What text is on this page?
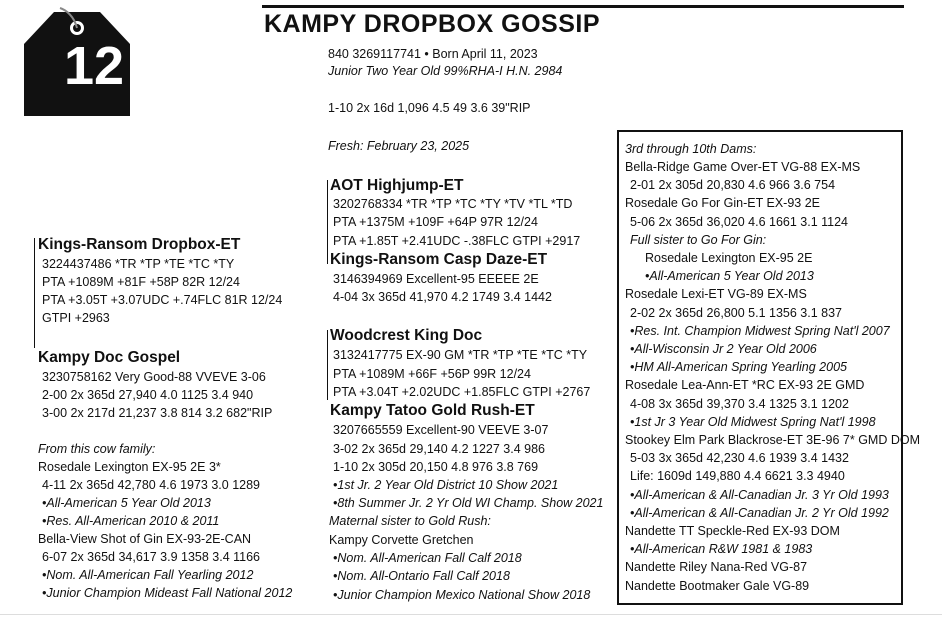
12
KAMPY DROPBOX GOSSIP
840 3269117741 • Born April 11, 2023
Junior Two Year Old 99%RHA-I H.N. 2984
1-10 2x 16d 1,096 4.5 49 3.6 39"RIP
Fresh: February 23, 2025
Kings-Ransom Dropbox-ET
3224437486 *TR *TP *TE *TC *TY
PTA +1089M +81F +58P 82R 12/24
PTA +3.05T +3.07UDC +.74FLC 81R 12/24
GTPI +2963
Kampy Doc Gospel
3230758162 Very Good-88 VVEVE 3-06
2-00 2x 365d 27,940 4.0 1125 3.4 940
3-00 2x 217d 21,237 3.8 814 3.2 682"RIP
From this cow family:
Rosedale Lexington EX-95 2E 3*
4-11 2x 365d 42,780 4.6 1973 3.0 1289
•All-American 5 Year Old 2013
•Res. All-American 2010 & 2011
Bella-View Shot of Gin EX-93-2E-CAN
6-07 2x 365d 34,617 3.9 1358 3.4 1166
•Nom. All-American Fall Yearling 2012
•Junior Champion Mideast Fall National 2012
AOT Highjump-ET
3202768334 *TR *TP *TC *TY *TV *TL *TD
PTA +1375M +109F +64P 97R 12/24
PTA +1.85T +2.41UDC -.38FLC GTPI +2917
Kings-Ransom Casp Daze-ET
3146394969 Excellent-95 EEEEE 2E
4-04 3x 365d 41,970 4.2 1749 3.4 1442
Woodcrest King Doc
3132417775 EX-90 GM *TR *TP *TE *TC *TY
PTA +1089M +66F +56P 99R 12/24
PTA +3.04T +2.02UDC +1.85FLC GTPI +2767
Kampy Tatoo Gold Rush-ET
3207665559 Excellent-90 VEEVE 3-07
3-02 2x 365d 29,140 4.2 1227 3.4 986
1-10 2x 305d 20,150 4.8 976 3.8 769
•1st Jr. 2 Year Old District 10 Show 2021
•8th Summer Jr. 2 Yr Old WI Champ. Show 2021
Maternal sister to Gold Rush:
Kampy Corvette Gretchen
•Nom. All-American Fall Calf 2018
•Nom. All-Ontario Fall Calf 2018
•Junior Champion Mexico National Show 2018
3rd through 10th Dams:
Bella-Ridge Game Over-ET VG-88 EX-MS
2-01 2x 305d 20,830 4.6 966 3.6 754
Rosedale Go For Gin-ET EX-93 2E
5-06 2x 365d 36,020 4.6 1661 3.1 1124
Full sister to Go For Gin:
Rosedale Lexington EX-95 2E
•All-American 5 Year Old 2013
Rosedale Lexi-ET VG-89 EX-MS
2-02 2x 365d 26,800 5.1 1356 3.1 837
•Res. Int. Champion Midwest Spring Nat'l 2007
•All-Wisconsin Jr 2 Year Old 2006
•HM All-American Spring Yearling 2005
Rosedale Lea-Ann-ET *RC EX-93 2E GMD
4-08 3x 365d 39,370 3.4 1325 3.1 1202
•1st Jr 3 Year Old Midwest Spring Nat'l 1998
Stookey Elm Park Blackrose-ET 3E-96 7* GMD DOM
5-03 3x 365d 42,230 4.6 1939 3.4 1432
Life: 1609d 149,880 4.4 6621 3.3 4940
•All-American & All-Canadian Jr. 3 Yr Old 1993
•All-American & All-Canadian Jr. 2 Yr Old 1992
Nandette TT Speckle-Red EX-93 DOM
•All-American R&W 1981 & 1983
Nandette Riley Nana-Red VG-87
Nandette Bootmaker Gale VG-89
